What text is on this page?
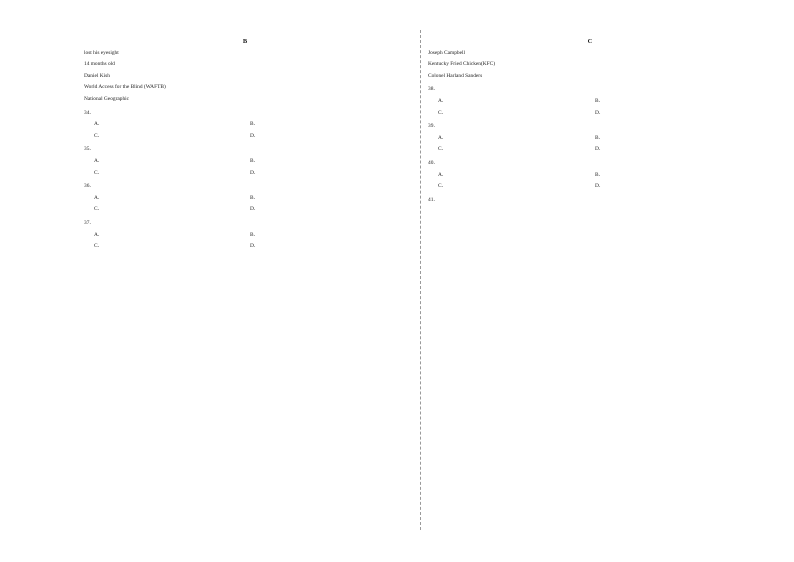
B
lost his eyesight
14 months old
Daniel Kish
World Access for the Blind (WAFTB)
National Geographic
34．
A．	B．
C．	D．
35．
A．	B．
C．	D．
36．
A．	B．
C．	D．
37．
A．	B．
C．	D．
C
Joseph Campbell
Kentucky Fried Chicken(KFC)
Colonel Harland Sanders
38．
A．	B．
C．	D．
39．
A．	B．
C．	D．
40．
A．	B．
C．	D．
41．
